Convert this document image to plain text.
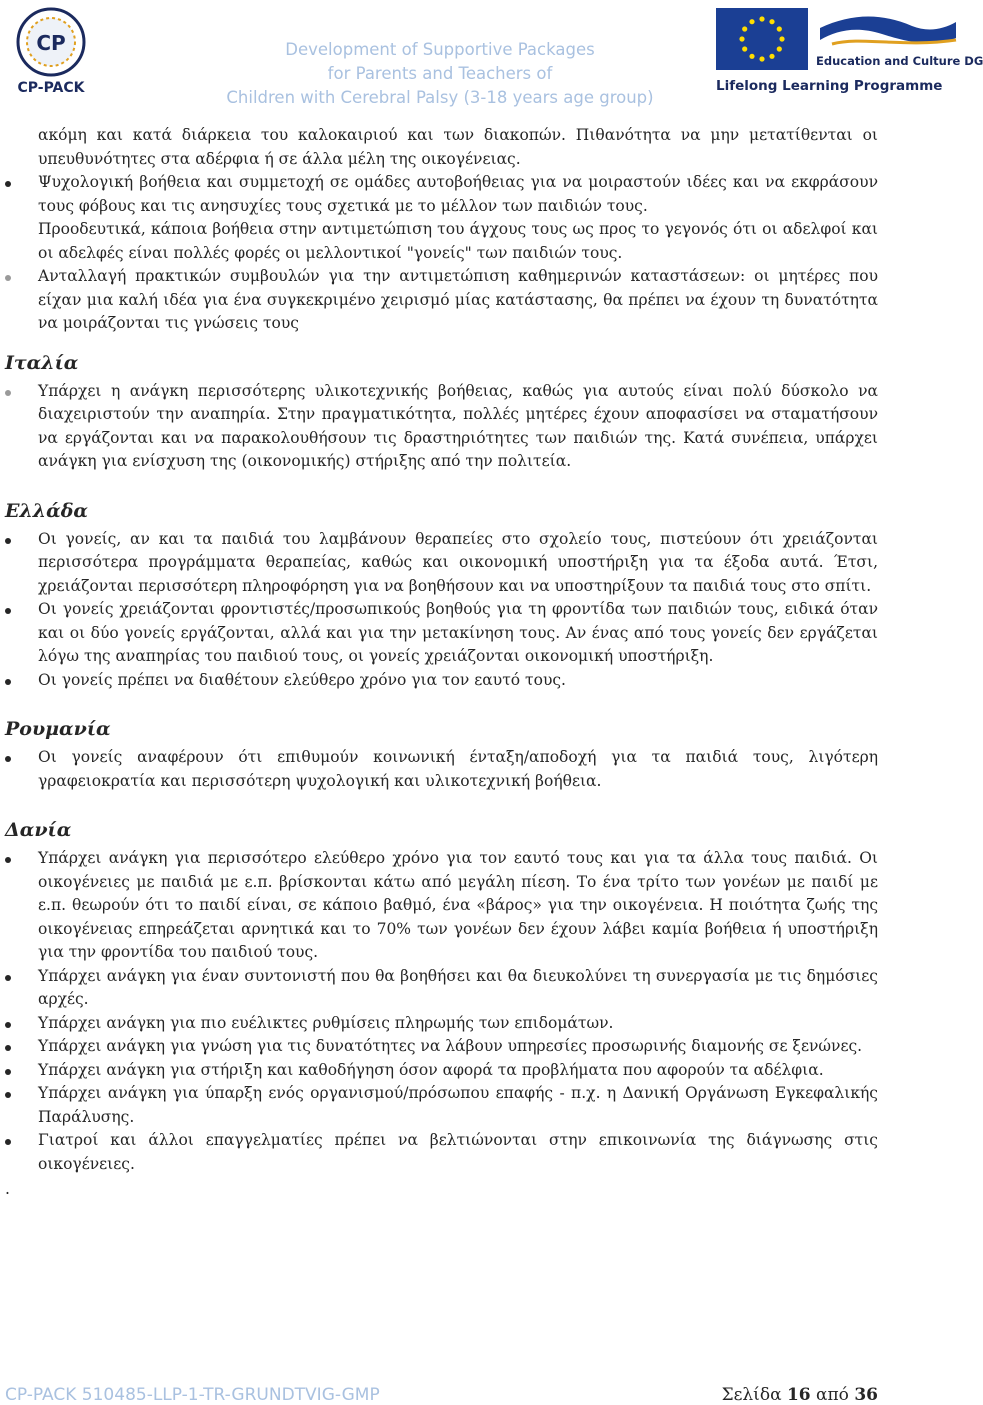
CP
CP-PACK
Development of Supportive Packages
for Parents and Teachers of
Children with Cerebral Palsy (3-18 years age group)
Education and Culture DG
Lifelong Learning Programme

ακόμη και κατά διάρκεια του καλοκαιριού και των διακοπών. Πιθανότητα να μην μετατίθενται οι υπευθυνότητες στα αδέρφια ή σε άλλα μέλη της οικογένειας.

Ψυχολογική βοήθεια και συμμετοχή σε ομάδες αυτοβοήθειας για να μοιραστούν ιδέες και να εκφράσουν τους φόβους και τις ανησυχίες τους σχετικά με το μέλλον των παιδιών τους.

Προοδευτικά, κάποια βοήθεια στην αντιμετώπιση του άγχους τους ως προς το γεγονός ότι οι αδελφοί και οι αδελφές είναι πολλές φορές οι μελλοντικοί "γονείς" των παιδιών τους.

Ανταλλαγή πρακτικών συμβουλών για την αντιμετώπιση καθημερινών καταστάσεων: οι μητέρες που είχαν μια καλή ιδέα για ένα συγκεκριμένο χειρισμό μίας κατάστασης, θα πρέπει να έχουν τη δυνατότητα να μοιράζονται τις γνώσεις τους
Ιταλία
Υπάρχει η ανάγκη περισσότερης υλικοτεχνικής βοήθειας, καθώς για αυτούς είναι πολύ δύσκολο να διαχειριστούν την αναπηρία. Στην πραγματικότητα, πολλές μητέρες έχουν αποφασίσει να σταματήσουν να εργάζονται και να παρακολουθήσουν τις δραστηριότητες των παιδιών της. Κατά συνέπεια, υπάρχει ανάγκη για ενίσχυση της (οικονομικής) στήριξης από την πολιτεία.
Ελλάδα
Οι γονείς, αν και τα παιδιά του λαμβάνουν θεραπείες στο σχολείο τους, πιστεύουν ότι χρειάζονται περισσότερα προγράμματα θεραπείας, καθώς και οικονομική υποστήριξη για τα έξοδα αυτά. Έτσι, χρειάζονται περισσότερη πληροφόρηση για να βοηθήσουν και να υποστηρίξουν τα παιδιά τους στο σπίτι.
Οι γονείς χρειάζονται φροντιστές/προσωπικούς βοηθούς για τη φροντίδα των παιδιών τους, ειδικά όταν και οι δύο γονείς εργάζονται, αλλά και για την μετακίνηση τους. Αν ένας από τους γονείς δεν εργάζεται λόγω της αναπηρίας του παιδιού τους, οι γονείς χρειάζονται οικονομική υποστήριξη.
Οι γονείς πρέπει να διαθέτουν ελεύθερο χρόνο για τον εαυτό τους.
Ρουμανία
Οι γονείς αναφέρουν ότι επιθυμούν κοινωνική ένταξη/αποδοχή για τα παιδιά τους, λιγότερη γραφειοκρατία και περισσότερη ψυχολογική και υλικοτεχνική βοήθεια.
Δανία
Υπάρχει ανάγκη για περισσότερο ελεύθερο χρόνο για τον εαυτό τους και για τα άλλα τους παιδιά. Οι οικογένειες με παιδιά με ε.π. βρίσκονται κάτω από μεγάλη πίεση. Το ένα τρίτο των γονέων με παιδί με ε.π. θεωρούν ότι το παιδί είναι, σε κάποιο βαθμό, ένα «βάρος» για την οικογένεια. Η ποιότητα ζωής της οικογένειας επηρεάζεται αρνητικά και το 70% των γονέων δεν έχουν λάβει καμία βοήθεια ή υποστήριξη για την φροντίδα του παιδιού τους.
Υπάρχει ανάγκη για έναν συντονιστή που θα βοηθήσει και θα διευκολύνει τη συνεργασία με τις δημόσιες αρχές.
Υπάρχει ανάγκη για πιο ευέλικτες ρυθμίσεις πληρωμής των επιδομάτων.
Υπάρχει ανάγκη για γνώση για τις δυνατότητες να λάβουν υπηρεσίες προσωρινής διαμονής σε ξενώνες.
Υπάρχει ανάγκη για στήριξη και καθοδήγηση όσον αφορά τα προβλήματα που αφορούν τα αδέλφια.
Υπάρχει ανάγκη για ύπαρξη ενός οργανισμού/πρόσωπου επαφής - π.χ. η Δανική Οργάνωση Εγκεφαλικής Παράλυσης.
Γιατροί και άλλοι επαγγελματίες πρέπει να βελτιώνονται στην επικοινωνία της διάγνωσης στις οικογένειες.
.
CP-PACK 510485-LLP-1-TR-GRUNDTVIG-GMP	Σελίδα 16 από 36
